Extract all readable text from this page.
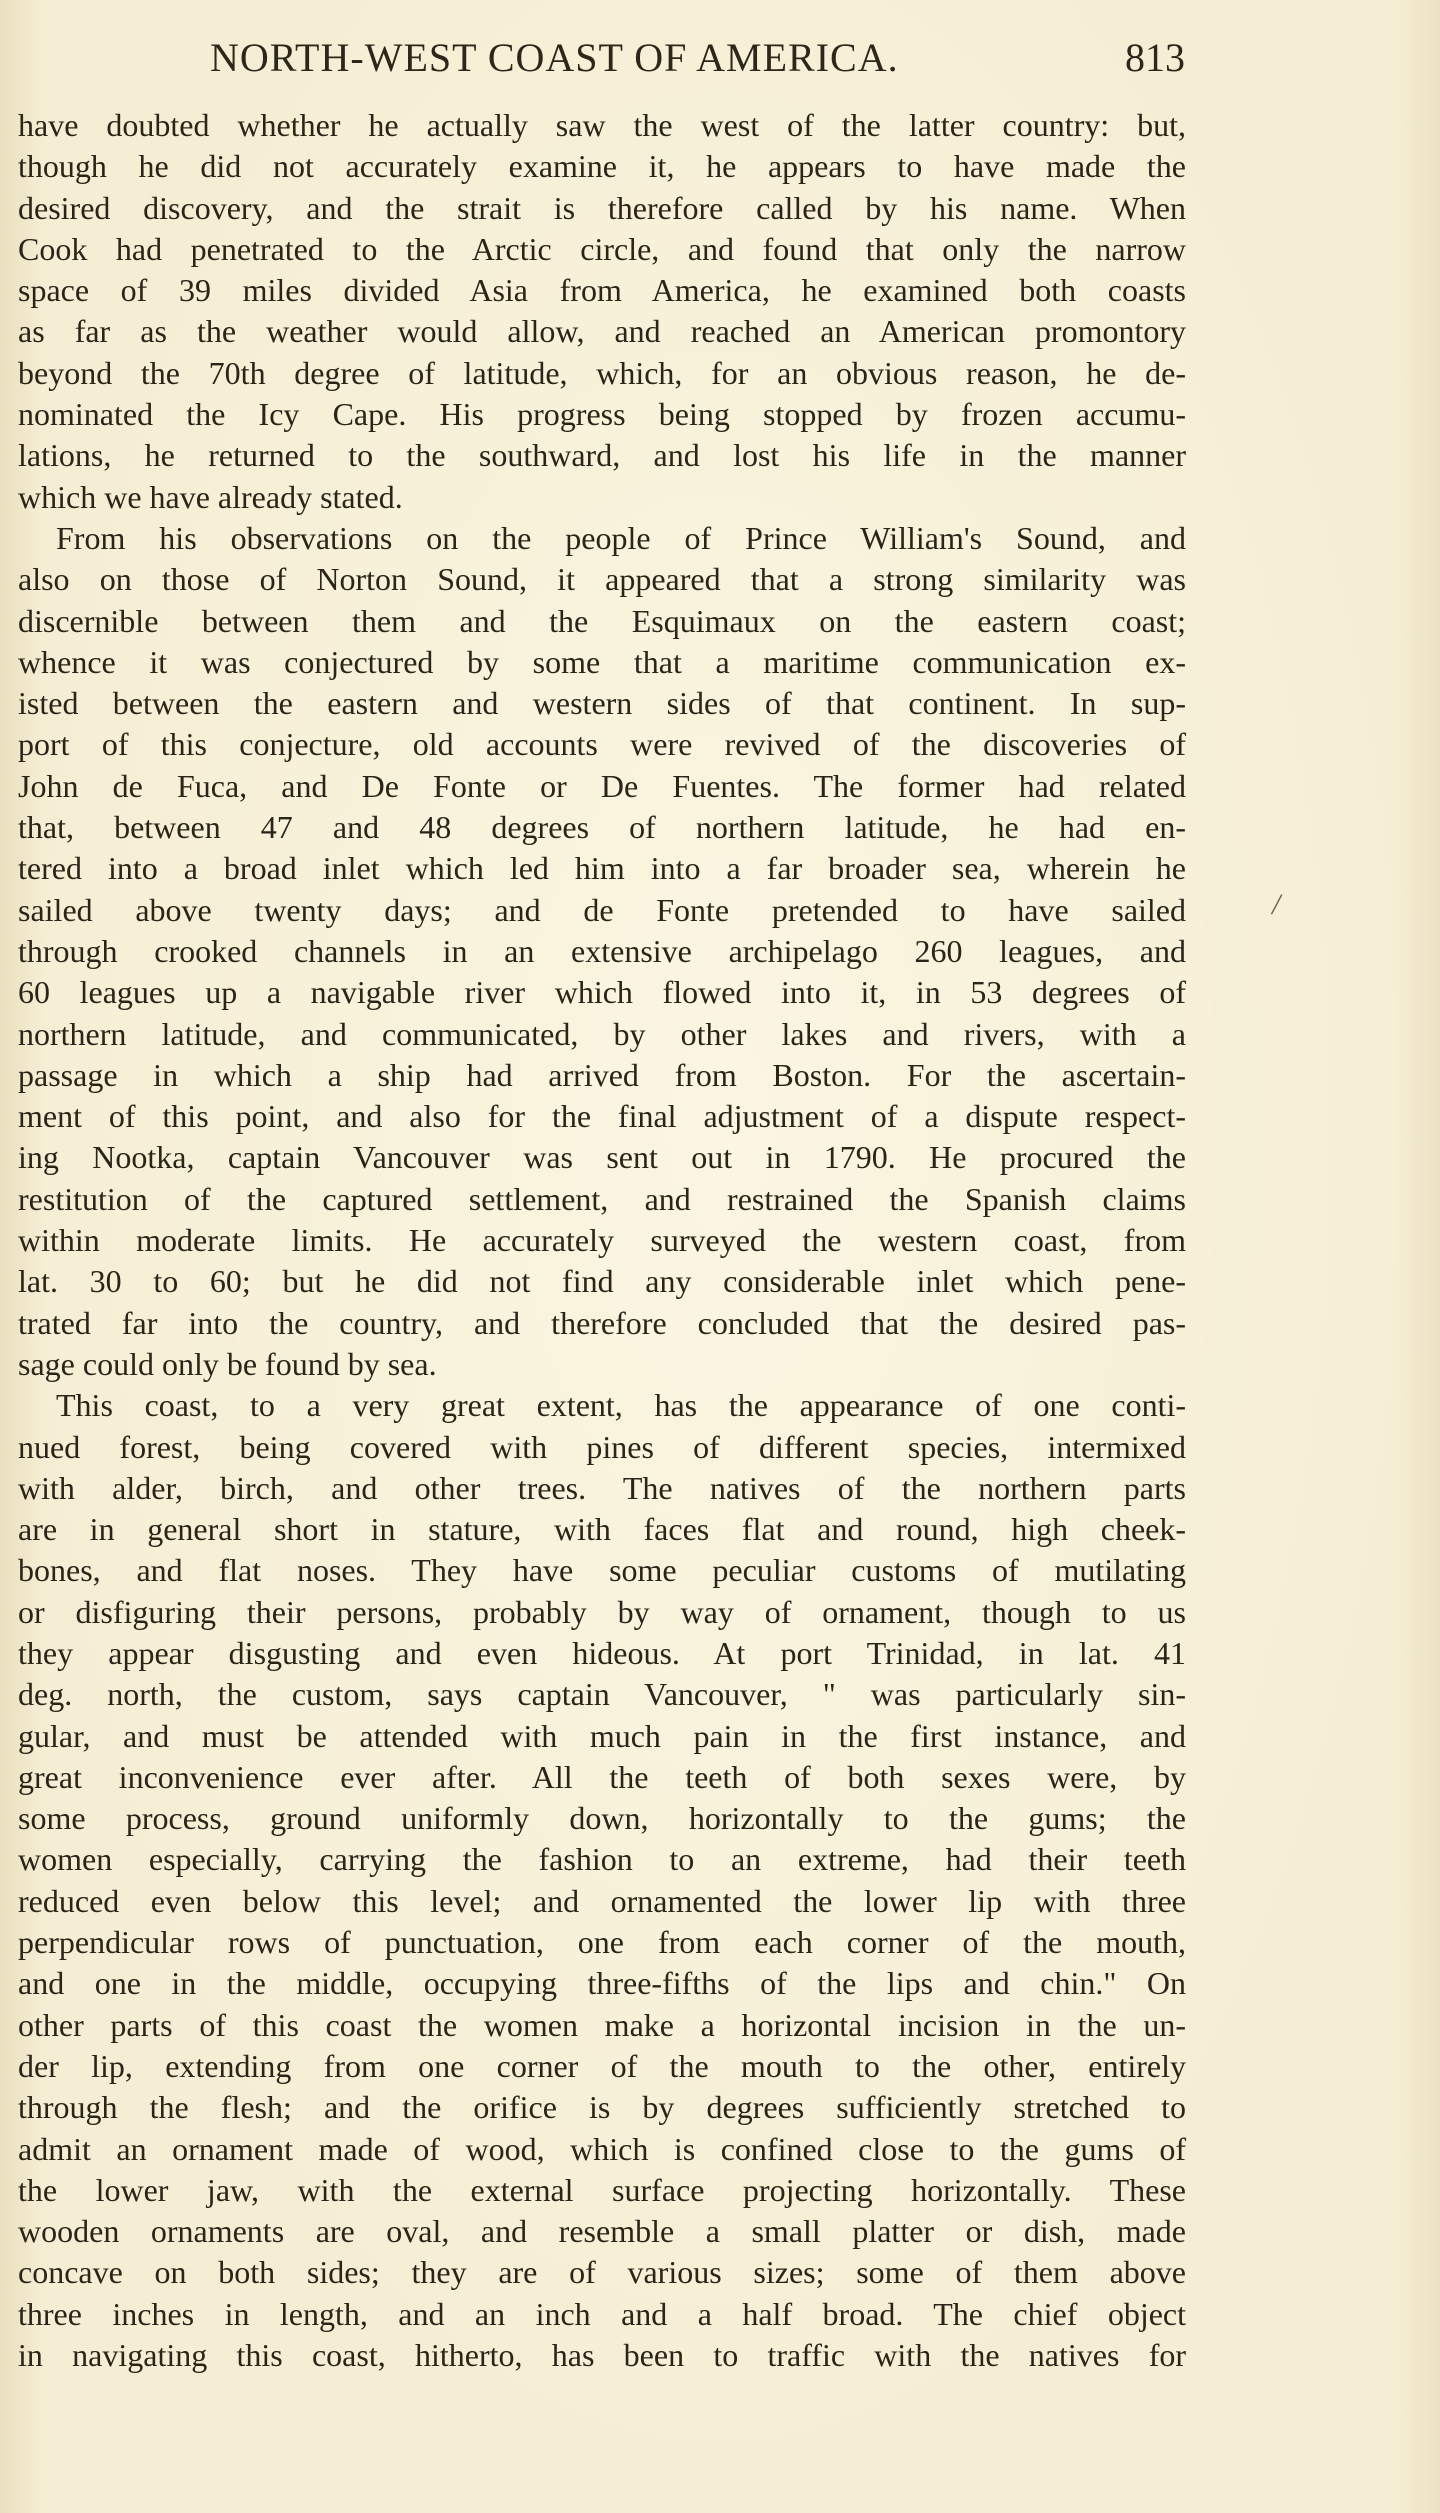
NORTH-WEST COAST OF AMERICA.	813
/
have doubted whether he actually saw the west of the latter country: but,
though he did not accurately examine it, he appears to have made the
desired discovery, and the strait is therefore called by his name. When
Cook had penetrated to the Arctic circle, and found that only the narrow
space of 39 miles divided Asia from America, he examined both coasts
as far as the weather would allow, and reached an American promontory
beyond the 70th degree of latitude, which, for an obvious reason, he de-
nominated the Icy Cape. His progress being stopped by frozen accumu-
lations, he returned to the southward, and lost his life in the manner
which we have already stated.
From his observations on the people of Prince William's Sound, and
also on those of Norton Sound, it appeared that a strong similarity was
discernible between them and the Esquimaux on the eastern coast;
whence it was conjectured by some that a maritime communication ex-
isted between the eastern and western sides of that continent. In sup-
port of this conjecture, old accounts were revived of the discoveries of
John de Fuca, and De Fonte or De Fuentes. The former had related
that, between 47 and 48 degrees of northern latitude, he had en-
tered into a broad inlet which led him into a far broader sea, wherein he
sailed above twenty days; and de Fonte pretended to have sailed
through crooked channels in an extensive archipelago 260 leagues, and
60 leagues up a navigable river which flowed into it, in 53 degrees of
northern latitude, and communicated, by other lakes and rivers, with a
passage in which a ship had arrived from Boston. For the ascertain-
ment of this point, and also for the final adjustment of a dispute respect-
ing Nootka, captain Vancouver was sent out in 1790. He procured the
restitution of the captured settlement, and restrained the Spanish claims
within moderate limits. He accurately surveyed the western coast, from
lat. 30 to 60; but he did not find any considerable inlet which pene-
trated far into the country, and therefore concluded that the desired pas-
sage could only be found by sea.
This coast, to a very great extent, has the appearance of one conti-
nued forest, being covered with pines of different species, intermixed
with alder, birch, and other trees. The natives of the northern parts
are in general short in stature, with faces flat and round, high cheek-
bones, and flat noses. They have some peculiar customs of mutilating
or disfiguring their persons, probably by way of ornament, though to us
they appear disgusting and even hideous. At port Trinidad, in lat. 41
deg. north, the custom, says captain Vancouver, " was particularly sin-
gular, and must be attended with much pain in the first instance, and
great inconvenience ever after. All the teeth of both sexes were, by
some process, ground uniformly down, horizontally to the gums; the
women especially, carrying the fashion to an extreme, had their teeth
reduced even below this level; and ornamented the lower lip with three
perpendicular rows of punctuation, one from each corner of the mouth,
and one in the middle, occupying three-fifths of the lips and chin." On
other parts of this coast the women make a horizontal incision in the un-
der lip, extending from one corner of the mouth to the other, entirely
through the flesh; and the orifice is by degrees sufficiently stretched to
admit an ornament made of wood, which is confined close to the gums of
the lower jaw, with the external surface projecting horizontally. These
wooden ornaments are oval, and resemble a small platter or dish, made
concave on both sides; they are of various sizes; some of them above
three inches in length, and an inch and a half broad. The chief object
in navigating this coast, hitherto, has been to traffic with the natives for
